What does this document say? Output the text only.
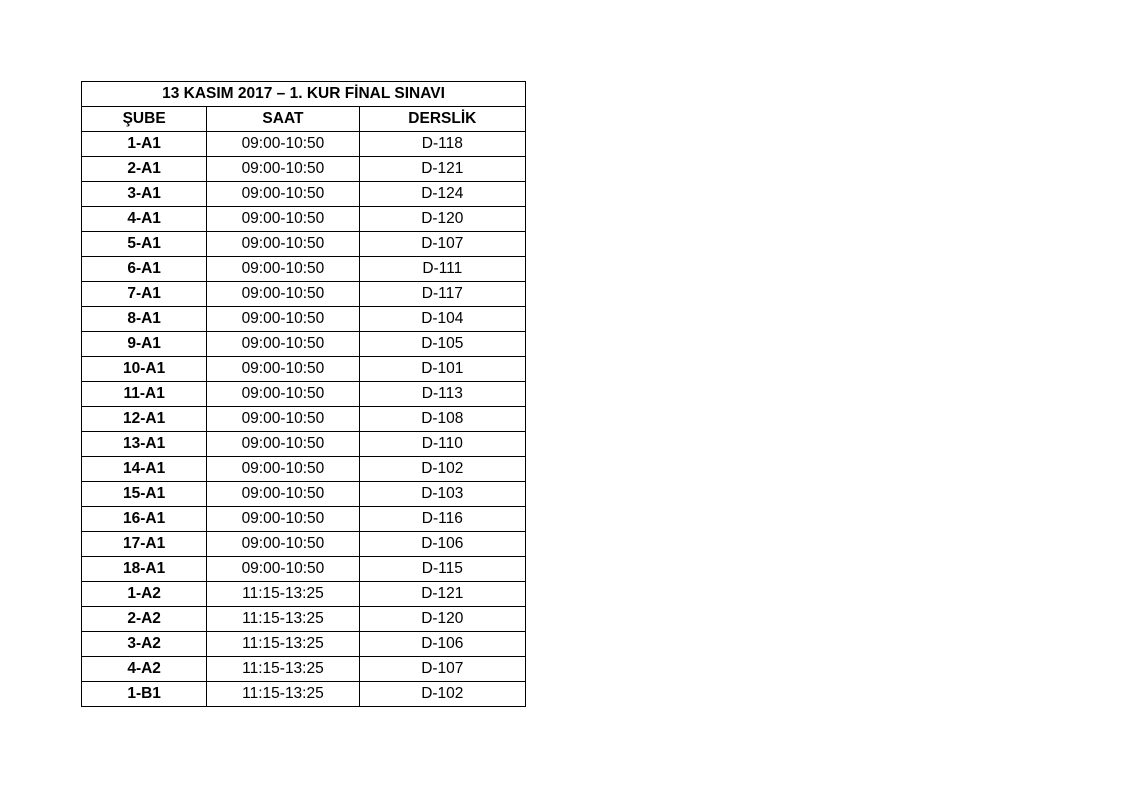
13 KASIM 2017 – 1. KUR FİNAL SINAVI		
ŞUBE	SAAT	DERSLİK
1-A1	09:00-10:50	D-118
2-A1	09:00-10:50	D-121
3-A1	09:00-10:50	D-124
4-A1	09:00-10:50	D-120
5-A1	09:00-10:50	D-107
6-A1	09:00-10:50	D-111
7-A1	09:00-10:50	D-117
8-A1	09:00-10:50	D-104
9-A1	09:00-10:50	D-105
10-A1	09:00-10:50	D-101
11-A1	09:00-10:50	D-113
12-A1	09:00-10:50	D-108
13-A1	09:00-10:50	D-110
14-A1	09:00-10:50	D-102
15-A1	09:00-10:50	D-103
16-A1	09:00-10:50	D-116
17-A1	09:00-10:50	D-106
18-A1	09:00-10:50	D-115
1-A2	11:15-13:25	D-121
2-A2	11:15-13:25	D-120
3-A2	11:15-13:25	D-106
4-A2	11:15-13:25	D-107
1-B1	11:15-13:25	D-102
